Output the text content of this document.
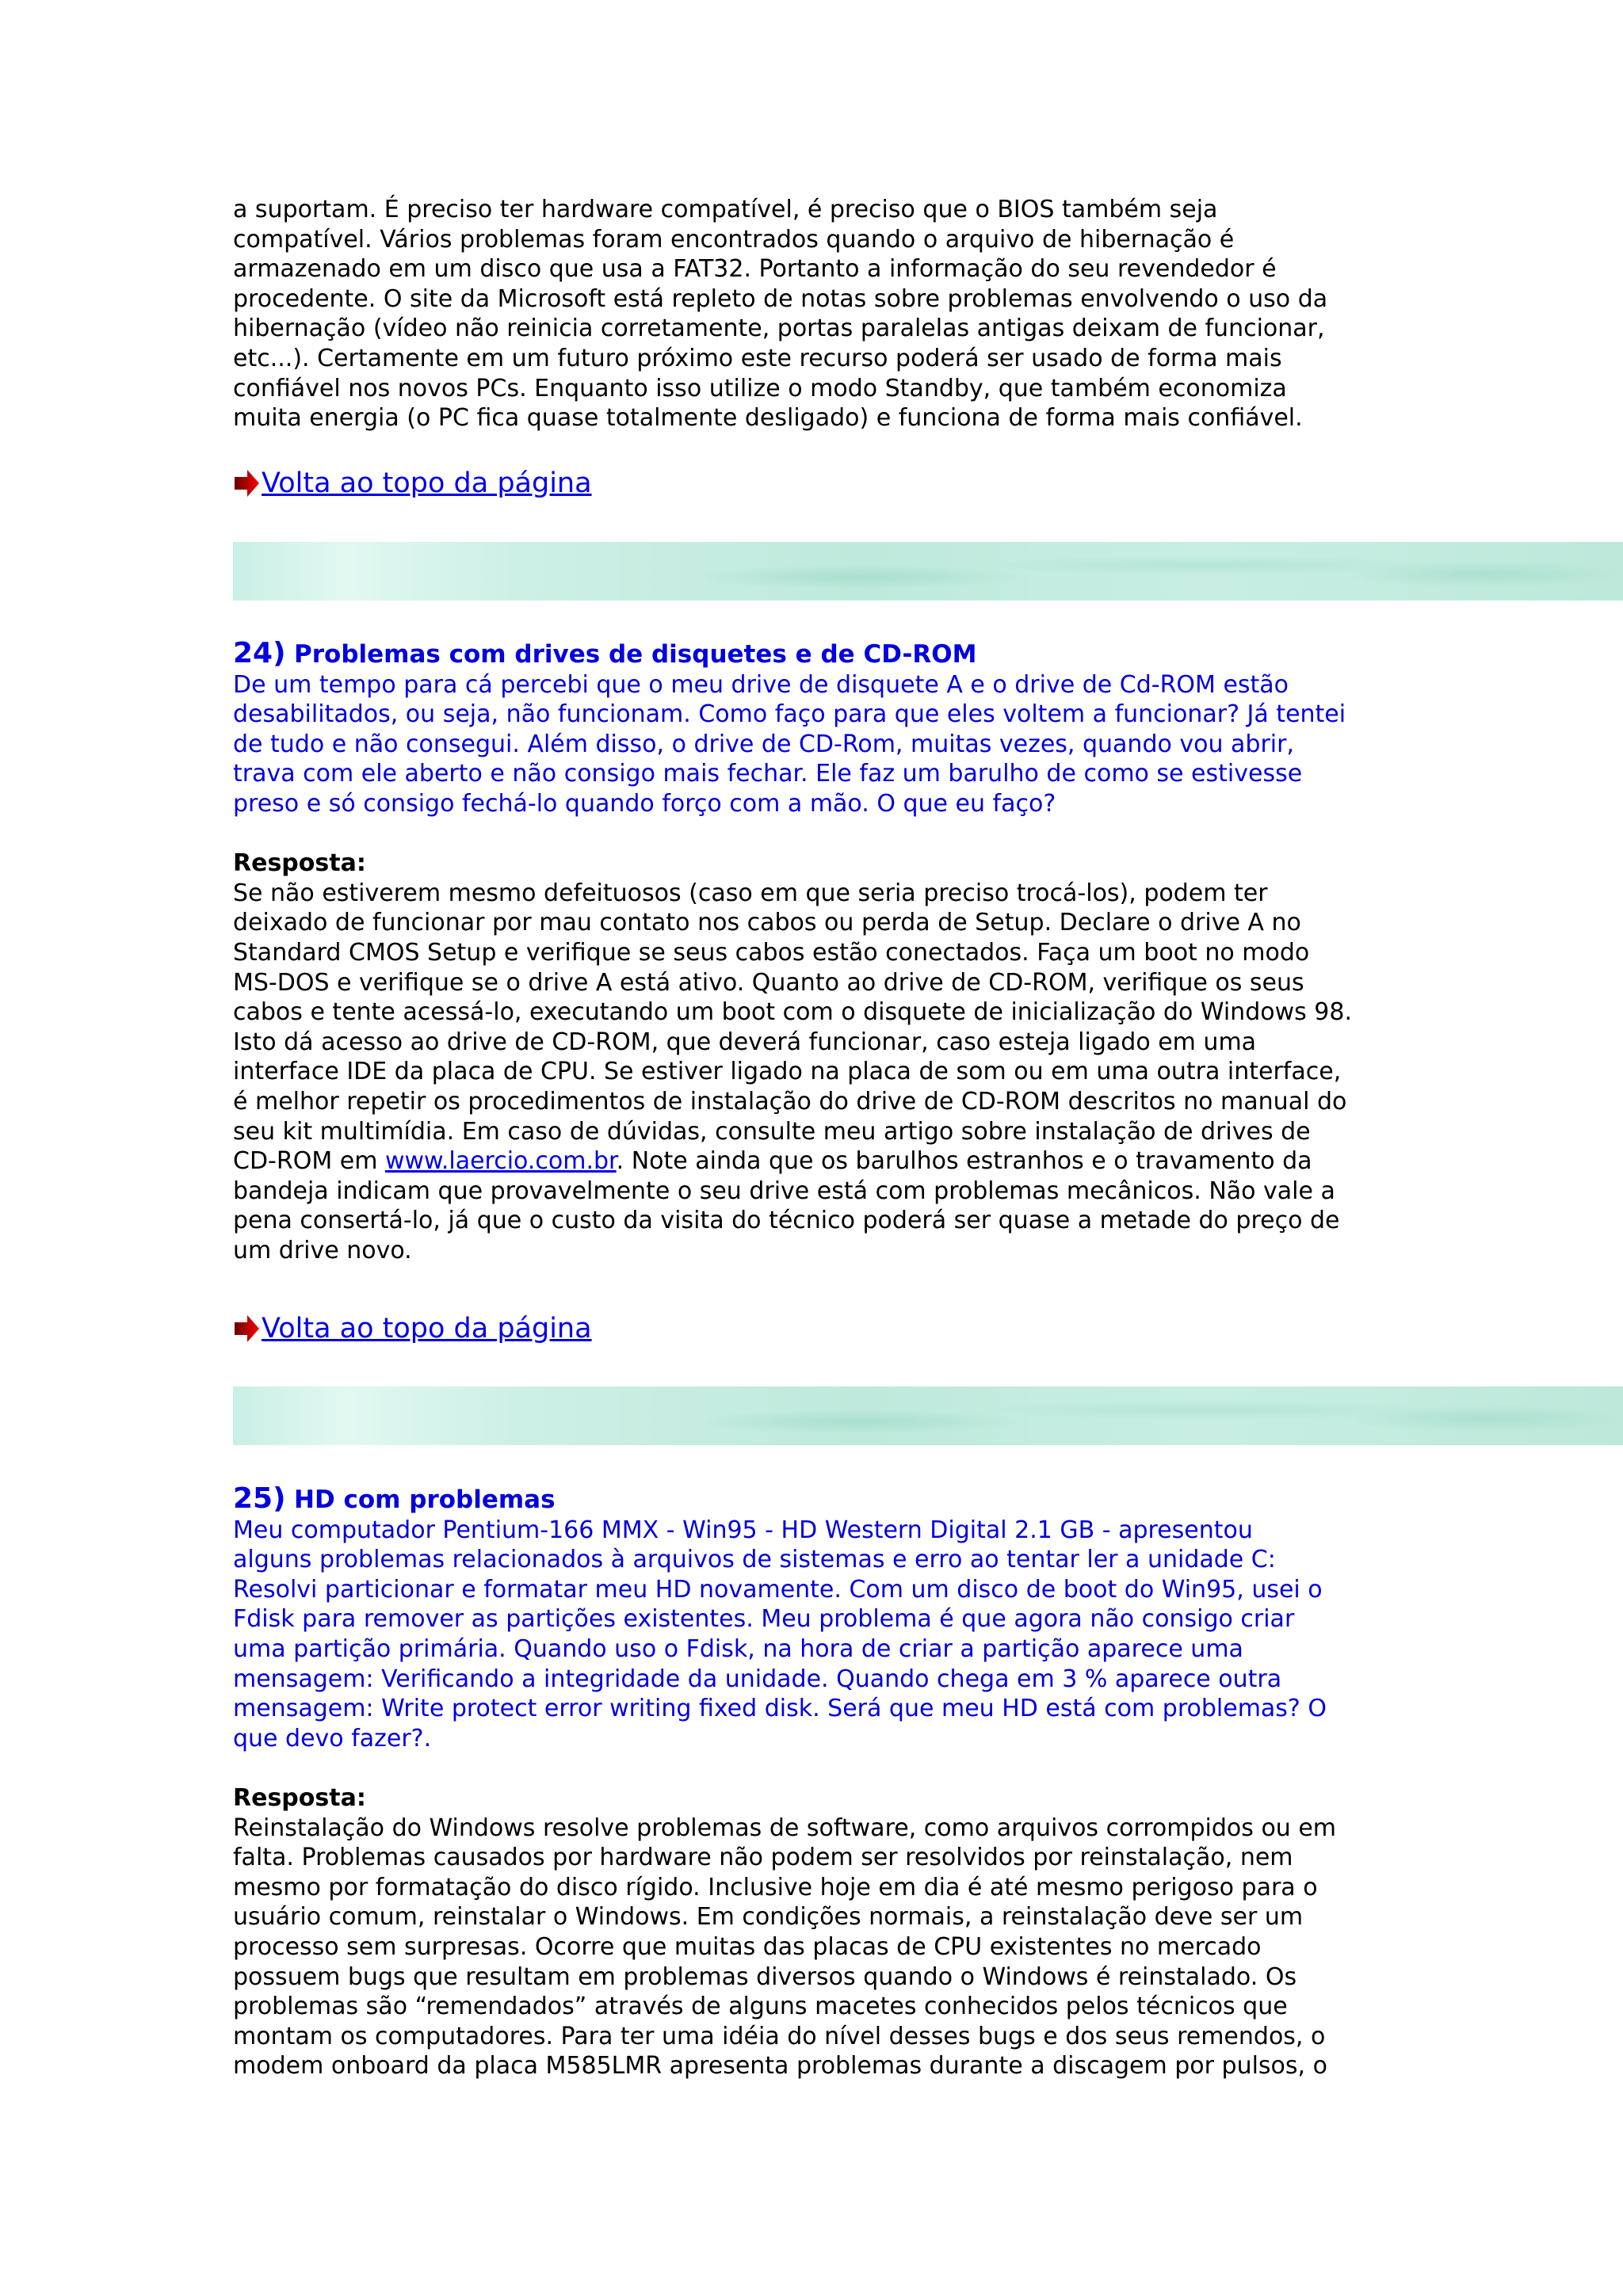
a suportam. É preciso ter hardware compatível, é preciso que o BIOS também seja
compatível. Vários problemas foram encontrados quando o arquivo de hibernação é
armazenado em um disco que usa a FAT32. Portanto a informação do seu revendedor é
procedente. O site da Microsoft está repleto de notas sobre problemas envolvendo o uso da
hibernação (vídeo não reinicia corretamente, portas paralelas antigas deixam de funcionar,
etc...). Certamente em um futuro próximo este recurso poderá ser usado de forma mais
confiável nos novos PCs. Enquanto isso utilize o modo Standby, que também economiza
muita energia (o PC fica quase totalmente desligado) e funciona de forma mais confiável.
Volta ao topo da página
24) Problemas com drives de disquetes e de CD-ROM
De um tempo para cá percebi que o meu drive de disquete A e o drive de Cd-ROM estão
desabilitados, ou seja, não funcionam. Como faço para que eles voltem a funcionar? Já tentei
de tudo e não consegui. Além disso, o drive de CD-Rom, muitas vezes, quando vou abrir,
trava com ele aberto e não consigo mais fechar. Ele faz um barulho de como se estivesse
preso e só consigo fechá-lo quando forço com a mão. O que eu faço?

Resposta:
Se não estiverem mesmo defeituosos (caso em que seria preciso trocá-los), podem ter
deixado de funcionar por mau contato nos cabos ou perda de Setup. Declare o drive A no
Standard CMOS Setup e verifique se seus cabos estão conectados. Faça um boot no modo
MS-DOS e verifique se o drive A está ativo. Quanto ao drive de CD-ROM, verifique os seus
cabos e tente acessá-lo, executando um boot com o disquete de inicialização do Windows 98.
Isto dá acesso ao drive de CD-ROM, que deverá funcionar, caso esteja ligado em uma
interface IDE da placa de CPU. Se estiver ligado na placa de som ou em uma outra interface,
é melhor repetir os procedimentos de instalação do drive de CD-ROM descritos no manual do
seu kit multimídia. Em caso de dúvidas, consulte meu artigo sobre instalação de drives de
CD-ROM em www.laercio.com.br. Note ainda que os barulhos estranhos e o travamento da
bandeja indicam que provavelmente o seu drive está com problemas mecânicos. Não vale a
pena consertá-lo, já que o custo da visita do técnico poderá ser quase a metade do preço de
um drive novo.
Volta ao topo da página
25) HD com problemas
Meu computador Pentium-166 MMX - Win95 - HD Western Digital 2.1 GB - apresentou
alguns problemas relacionados à arquivos de sistemas e erro ao tentar ler a unidade C:
Resolvi particionar e formatar meu HD novamente. Com um disco de boot do Win95, usei o
Fdisk para remover as partições existentes. Meu problema é que agora não consigo criar
uma partição primária. Quando uso o Fdisk, na hora de criar a partição aparece uma
mensagem: Verificando a integridade da unidade. Quando chega em 3 % aparece outra
mensagem: Write protect error writing fixed disk. Será que meu HD está com problemas? O
que devo fazer?.

Resposta:
Reinstalação do Windows resolve problemas de software, como arquivos corrompidos ou em
falta. Problemas causados por hardware não podem ser resolvidos por reinstalação, nem
mesmo por formatação do disco rígido. Inclusive hoje em dia é até mesmo perigoso para o
usuário comum, reinstalar o Windows. Em condições normais, a reinstalação deve ser um
processo sem surpresas. Ocorre que muitas das placas de CPU existentes no mercado
possuem bugs que resultam em problemas diversos quando o Windows é reinstalado. Os
problemas são “remendados” através de alguns macetes conhecidos pelos técnicos que
montam os computadores. Para ter uma idéia do nível desses bugs e dos seus remendos, o
modem onboard da placa M585LMR apresenta problemas durante a discagem por pulsos, o
